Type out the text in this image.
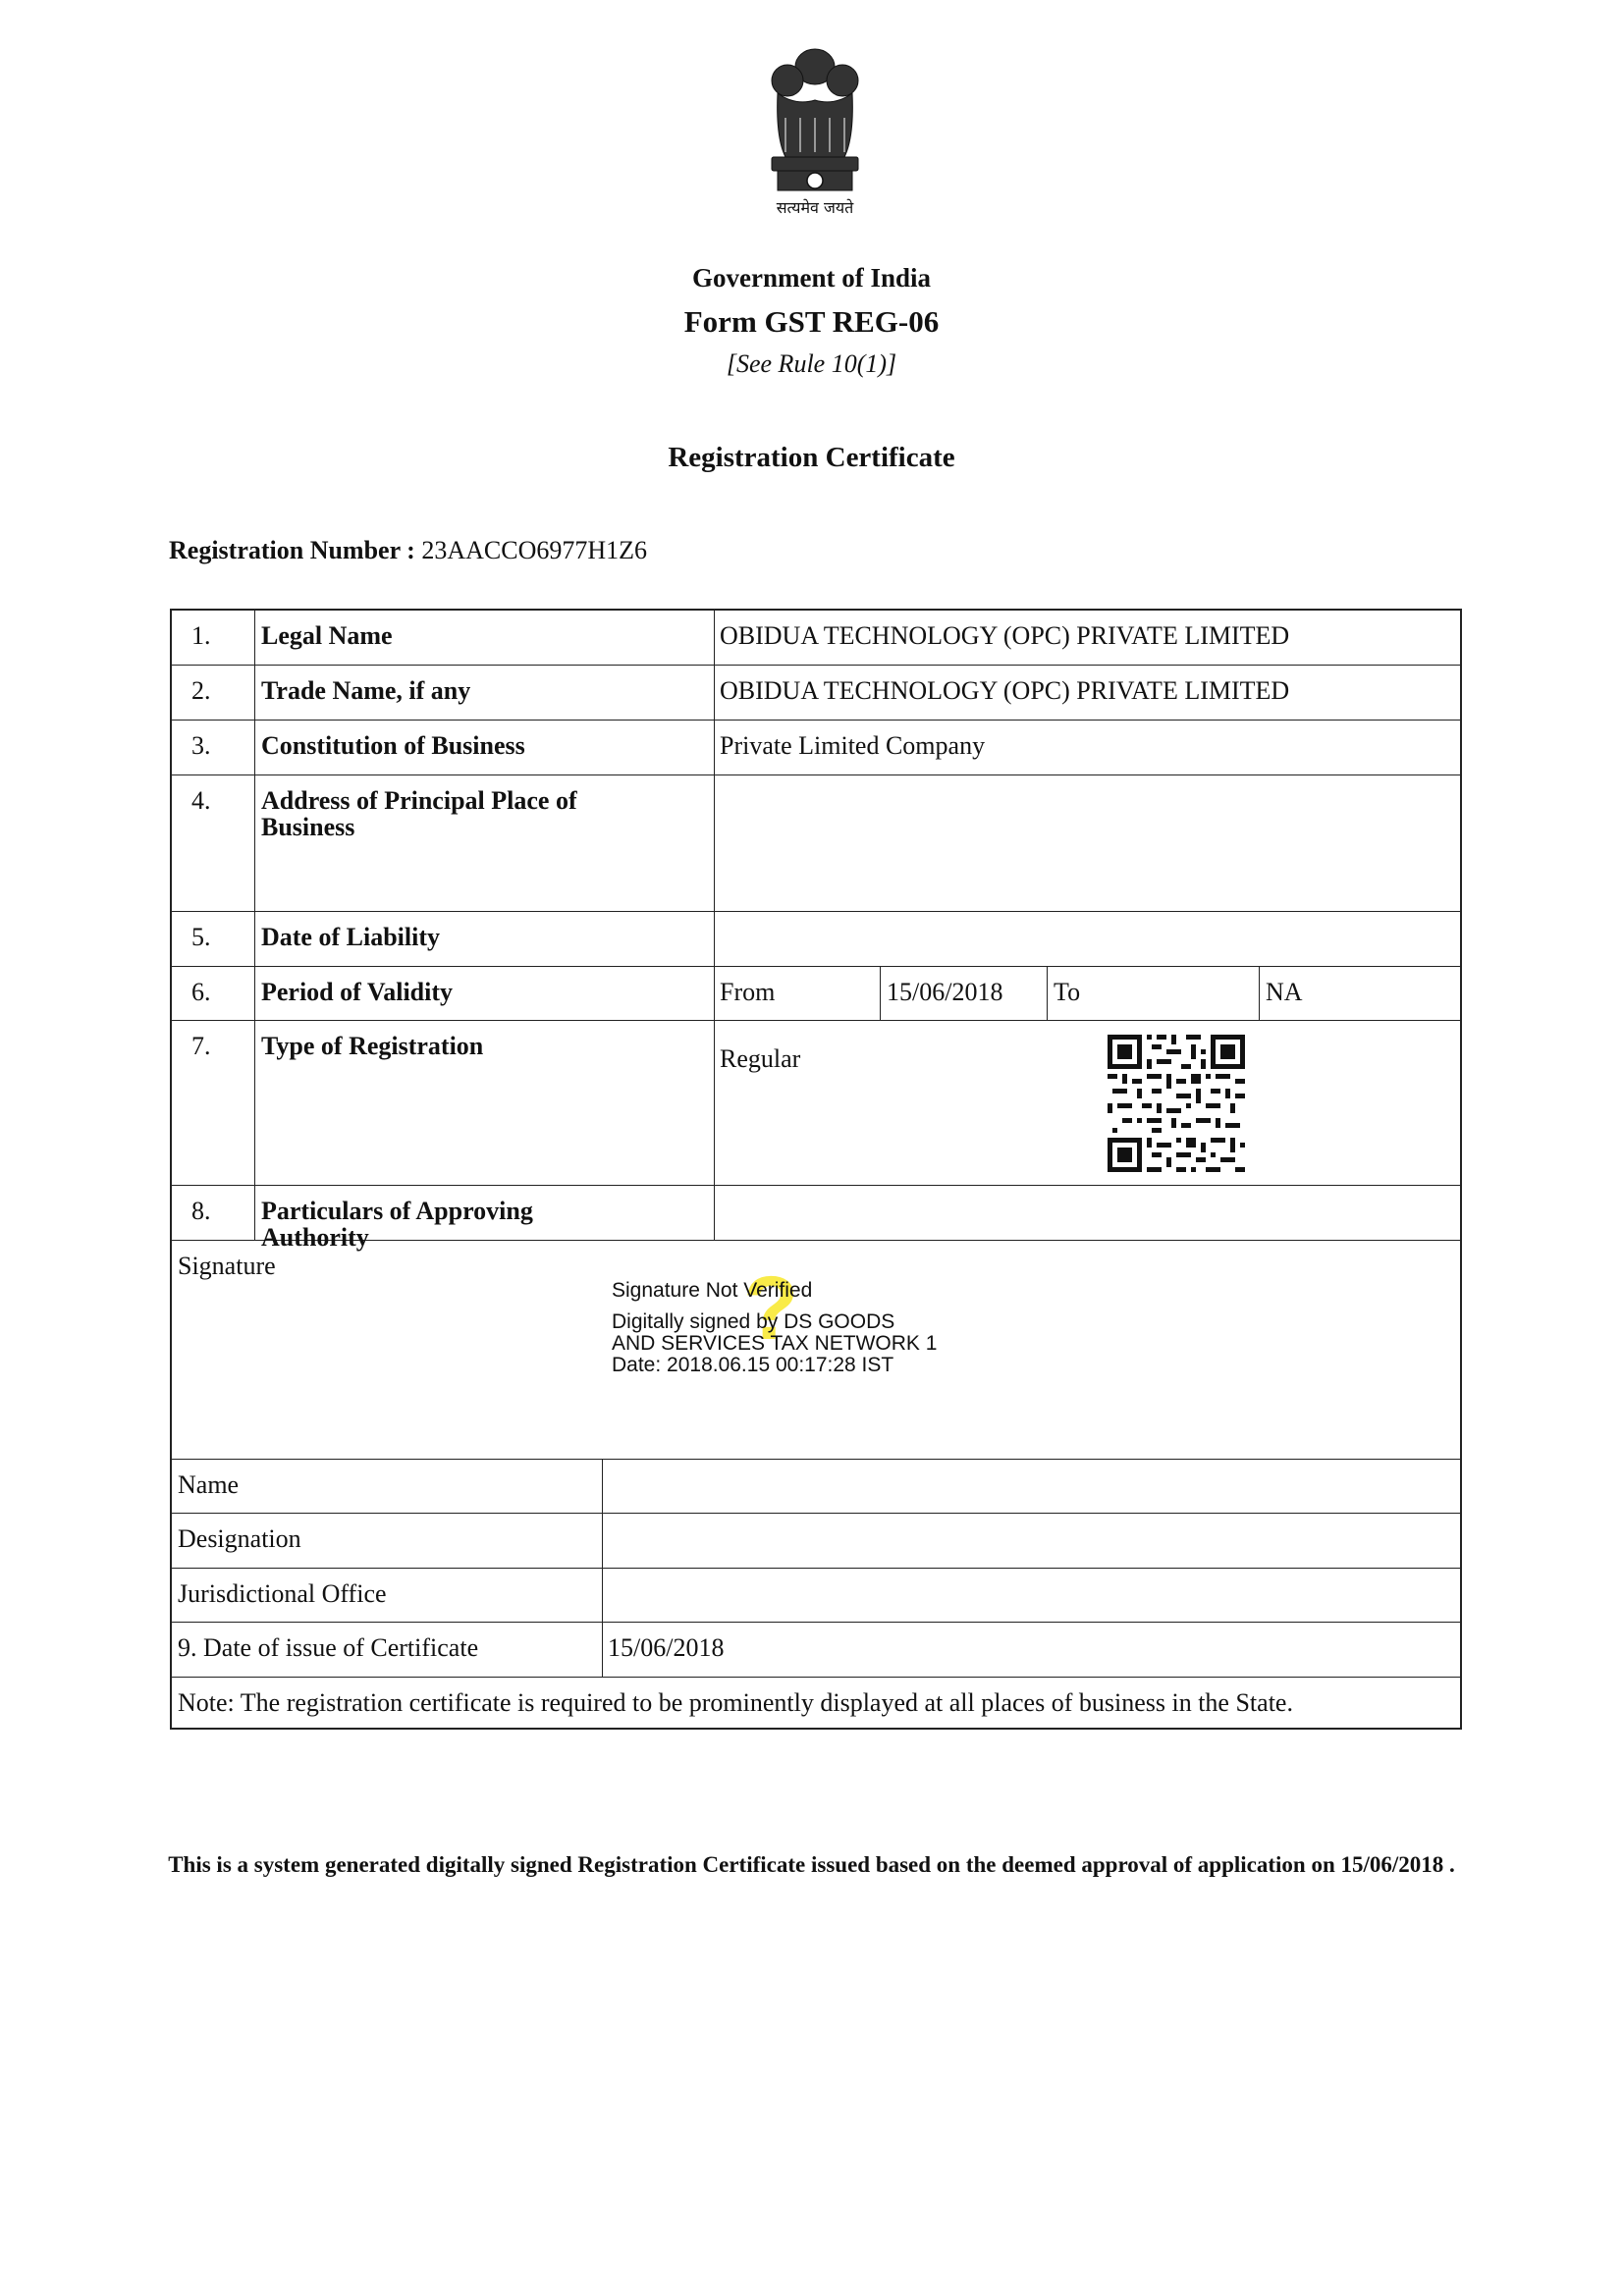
सत्यमेव जयते
Government of India
Form GST REG-06
[See Rule 10(1)]
Registration Certificate
Registration Number : 23AACCO6977H1Z6
1.	Legal Name	OBIDUA TECHNOLOGY (OPC) PRIVATE LIMITED
2.	Trade Name, if any	OBIDUA TECHNOLOGY (OPC) PRIVATE LIMITED
3.	Constitution of Business	Private Limited Company
4.	Address of Principal Place of Business
5.	Date of Liability
6.	Period of Validity	From	15/06/2018 To	NA
7.	Type of Registration	Regular
8.	Particulars of Approving Authority
Signature	?
Signature Not Verified
Digitally signed by DS GOODS
AND SERVICES TAX NETWORK 1
Date: 2018.06.15 00:17:28 IST
Name
Designation
Jurisdictional Office
9. Date of issue of Certificate	15/06/2018
Note: The registration certificate is required to be prominently displayed at all places of business in the State.
This is a system generated digitally signed Registration Certificate issued based on the deemed approval of application on 15/06/2018 .
